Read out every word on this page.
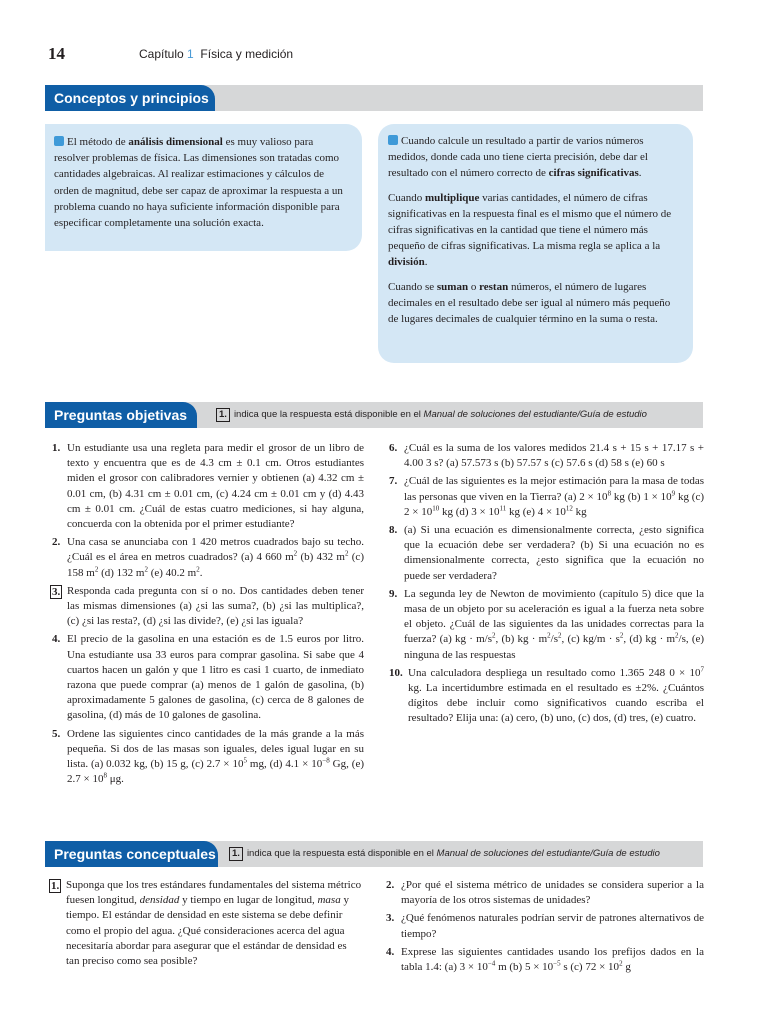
14	Capítulo 1 Física y medición
Conceptos y principios
El método de análisis dimensional es muy valioso para resolver problemas de física. Las dimensiones son tratadas como cantidades algebraicas. Al realizar estimaciones y cálculos de orden de magnitud, debe ser capaz de aproximar la respuesta a un problema cuando no haya suficiente información disponible para especificar completamente una solución exacta.

Cuando calcule un resultado a partir de varios números medidos, donde cada uno tiene cierta precisión, debe dar el resultado con el número correcto de cifras significativas.

Cuando multiplique varias cantidades, el número de cifras significativas en la respuesta final es el mismo que el número de cifras significativas en la cantidad que tiene el número más pequeño de cifras significativas. La misma regla se aplica a la división.

Cuando se suman o restan números, el número de lugares decimales en el resultado debe ser igual al número más pequeño de lugares decimales de cualquier término en la suma o resta.

Preguntas objetivas	1. indica que la respuesta está disponible en el Manual de soluciones del estudiante/Guía de estudio
1. Un estudiante usa una regleta para medir el grosor de un libro de texto y encuentra que es de 4.3 cm ± 0.1 cm. Otros estudiantes miden el grosor con calibradores vernier y obtienen (a) 4.32 cm ± 0.01 cm, (b) 4.31 cm ± 0.01 cm, (c) 4.24 cm ± 0.01 cm y (d) 4.43 cm ± 0.01 cm. ¿Cuál de estas cuatro mediciones, si hay alguna, concuerda con la obtenida por el primer estudiante?
2. Una casa se anunciaba con 1 420 metros cuadrados bajo su techo. ¿Cuál es el área en metros cuadrados? (a) 4 660 $m^2$ (b) 432 $m^2$ (c) 158 $m^2$ (d) 132 $m^2$ (e) 40.2 $m^2$.
3. Responda cada pregunta con sí o no. Dos cantidades deben tener las mismas dimensiones (a) ¿si las suma?, (b) ¿si las multiplica?, (c) ¿si las resta?, (d) ¿si las divide?, (e) ¿si las iguala?
4. El precio de la gasolina en una estación es de 1.5 euros por litro. Una estudiante usa 33 euros para comprar gasolina. Si sabe que 4 cuartos hacen un galón y que 1 litro es casi 1 cuarto, de inmediato razona que puede comprar (a) menos de 1 galón de gasolina, (b) aproximadamente 5 galones de gasolina, (c) cerca de 8 galones de gasolina, (d) más de 10 galones de gasolina.
5. Ordene las siguientes cinco cantidades de la más grande a la más pequeña. Si dos de las masas son iguales, deles igual lugar en su lista. (a) 0.032 kg, (b) 15 g, (c) $2.7 \times 10^5$ mg, (d) $4.1 \times 10^{-8}$ Gg, (e) $2.7 \times 10^8$ μg.
6. ¿Cuál es la suma de los valores medidos 21.4 s + 15 s + 17.17 s + 4.00 3 s? (a) 57.573 s (b) 57.57 s (c) 57.6 s (d) 58 s (e) 60 s
7. ¿Cuál de las siguientes es la mejor estimación para la masa de todas las personas que viven en la Tierra? (a) $2 \times 10^8$ kg (b) $1 \times 10^9$ kg (c) $2 \times 10^{10}$ kg (d) $3 \times 10^{11}$ kg (e) $4 \times 10^{12}$ kg
8. (a) Si una ecuación es dimensionalmente correcta, ¿esto significa que la ecuación debe ser verdadera? (b) Si una ecuación no es dimensionalmente correcta, ¿esto significa que la ecuación no puede ser verdadera?
9. La segunda ley de Newton de movimiento (capítulo 5) dice que la masa de un objeto por su aceleración es igual a la fuerza neta sobre el objeto. ¿Cuál de las siguientes da las unidades correctas para la fuerza? (a) kg · $m/s^2$, (b) kg · $m^2/s^2$, (c) $kg/m \cdot s^2$, (d) kg · $m^2/s$, (e) ninguna de las respuestas
10. Una calculadora despliega un resultado como 1.365 248 $0 \times 10^7$ kg. La incertidumbre estimada en el resultado es ±2%. ¿Cuántos dígitos debe incluir como significativos cuando escriba el resultado? Elija una: (a) cero, (b) uno, (c) dos, (d) tres, (e) cuatro.
Preguntas conceptuales	1. indica que la respuesta está disponible en el Manual de soluciones del estudiante/Guía de estudio
1. Suponga que los tres estándares fundamentales del sistema métrico fuesen longitud, densidad y tiempo en lugar de longitud, masa y tiempo. El estándar de densidad en este sistema se debe definir como el propio del agua. ¿Qué consideraciones acerca del agua necesitaría abordar para asegurar que el estándar de densidad es tan preciso como sea posible?
2. ¿Por qué el sistema métrico de unidades se considera superior a la mayoría de los otros sistemas de unidades?
3. ¿Qué fenómenos naturales podrían servir de patrones alternativos de tiempo?
4. Exprese las siguientes cantidades usando los prefijos dados en la tabla 1.4: (a) $3 \times 10^{-4}$ m (b) $5 \times 10^{-5}$ s (c) $72 \times 10^2$ g
